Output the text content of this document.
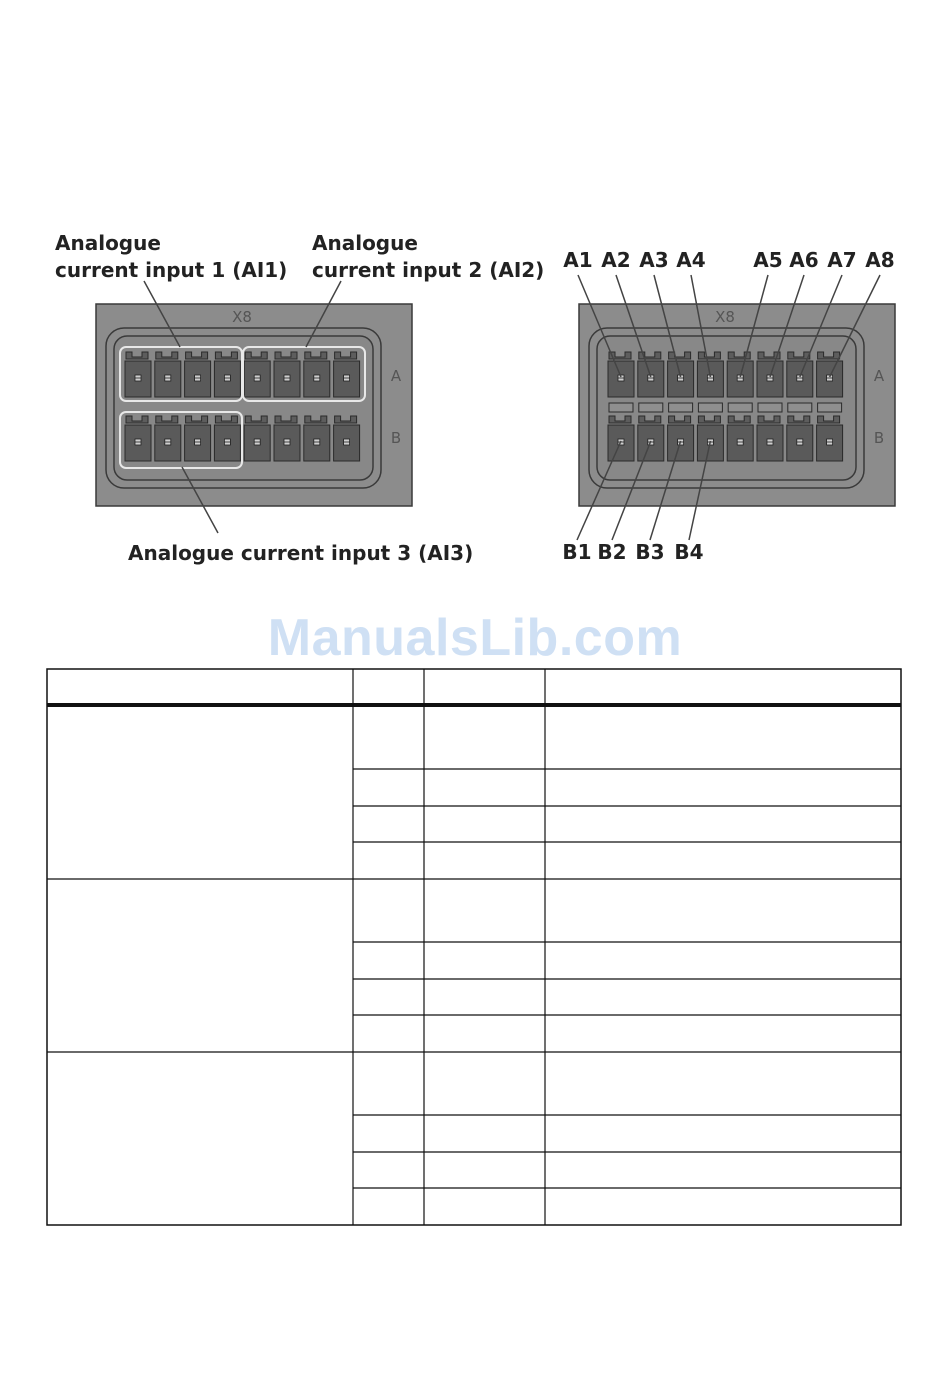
X8
A
B
X8
A
B
Analogue
current input 1 (AI1)
Analogue
current input 2 (AI2)
Analogue current input 3 (AI3)
A1 A2 A3 A4 A5 A6 A7 A8
B1 B2 B3 B4
ManualsLib.com
